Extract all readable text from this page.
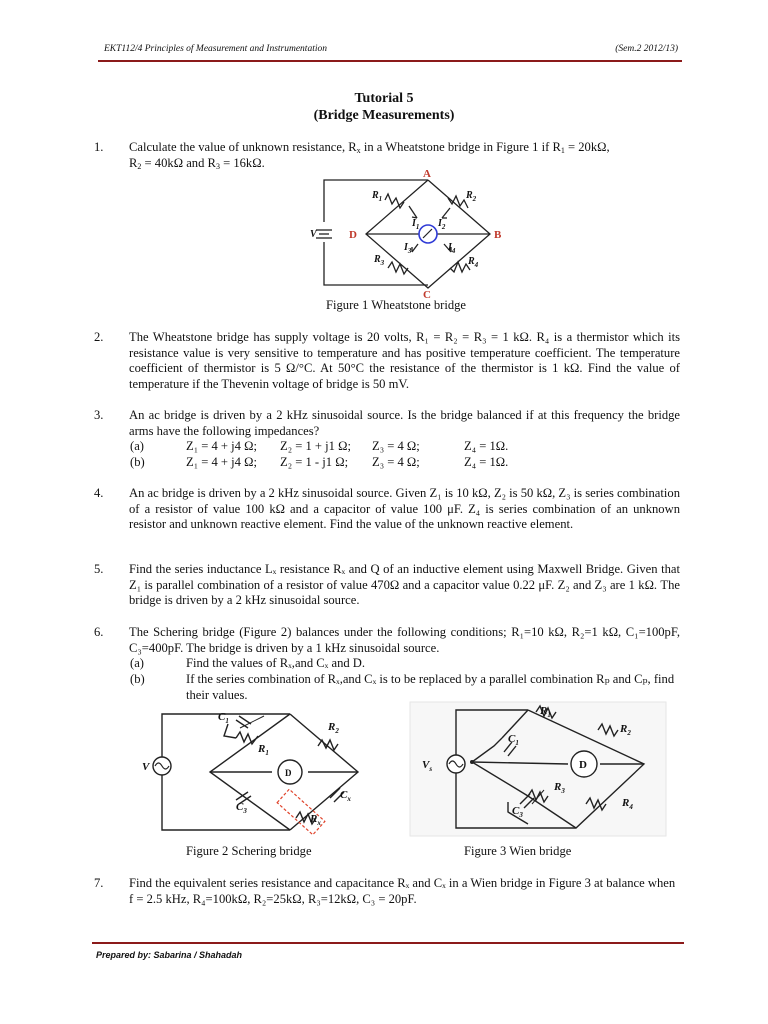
EKT112/4 Principles of Measurement and Instrumentation	(Sem.2 2012/13)
Tutorial 5
(Bridge Measurements)
1. Calculate the value of unknown resistance, $R_x$ in a Wheatstone bridge in Figure 1 if $R_1 = 20k\Omega$,
$R_2 = 40k\Omega$ and $R_3 = 16k\Omega$.
A
B
C
D
V
$R_1$	$R_2$
$R_3$	$R_4$
$I_1$ $I_2$
$I_3$	$I_4$
Figure 1 Wheatstone bridge
2. The Wheatstone bridge has supply voltage is 20 volts, R₁ = R₂ = R₃ = 1 kΩ. R₄ is a thermistor which its resistance value is very sensitive to temperature and has positive temperature coefficient. The temperature coefficient of thermistor is 5 Ω/°C. At 50°C the resistance of the thermistor is 1 kΩ. Find the value of temperature if the Thevenin voltage of bridge is 50 mV.
3. An ac bridge is driven by a 2 kHz sinusoidal source. Is the bridge balanced if at this frequency the bridge arms have the following impedances?
(a)	Z₁ = 4 + j4 Ω; Z₂ = 1 + j1 Ω; Z₃ = 4 Ω;	Z₄ = 1Ω.
(b)	Z₁ = 4 + j4 Ω; Z₂ = 1 - j1 Ω; Z₃ = 4 Ω;	Z₄ = 1Ω.
4. An ac bridge is driven by a 2 kHz sinusoidal source. Given Z₁ is 10 kΩ, Z₂ is 50 kΩ, Z₃ is series combination of a resistor of value 100 kΩ and a capacitor of value 100 μF. Z₄ is series combination of an unknown resistor and unknown reactive element. Find the value of the unknown reactive element.
5. Find the series inductance Lₓ resistance Rₓ and Q of an inductive element using Maxwell Bridge. Given that Z₁ is parallel combination of a resistor of value 470Ω and a capacitor value 0.22 μF. Z₂ and Z₃ are 1 kΩ. The bridge is driven by a 2 kHz sinusoidal source.
6. The Schering bridge (Figure 2) balances under the following conditions; R₁=10 kΩ, R₂=1 kΩ, C₁=100pF, C₃=400pF. The bridge is driven by a 1 kHz sinusoidal source.
(a)	Find the values of Rₓ,and Cₓ and D.
(b)	If the series combination of Rₓ,and Cₓ is to be replaced by a parallel combination Rₚ and Cₚ, find their values.
$C_1$
$R_1$
$R_2$
$C_3$
$C_x$
$R_x$
V	D
Figure 2 Schering bridge
$R_1$
$R_2$
$R_3$
$R_4$
$C_1$
$C_3$
$V_s$	D
Figure 3 Wien bridge
7. Find the equivalent series resistance and capacitance Rₓ and Cₓ in a Wien bridge in Figure 3 at balance when f = 2.5 kHz, R₄=100kΩ, R₂=25kΩ, R₃=12kΩ, C₃ = 20pF.
Prepared by: Sabarina / Shahadah
